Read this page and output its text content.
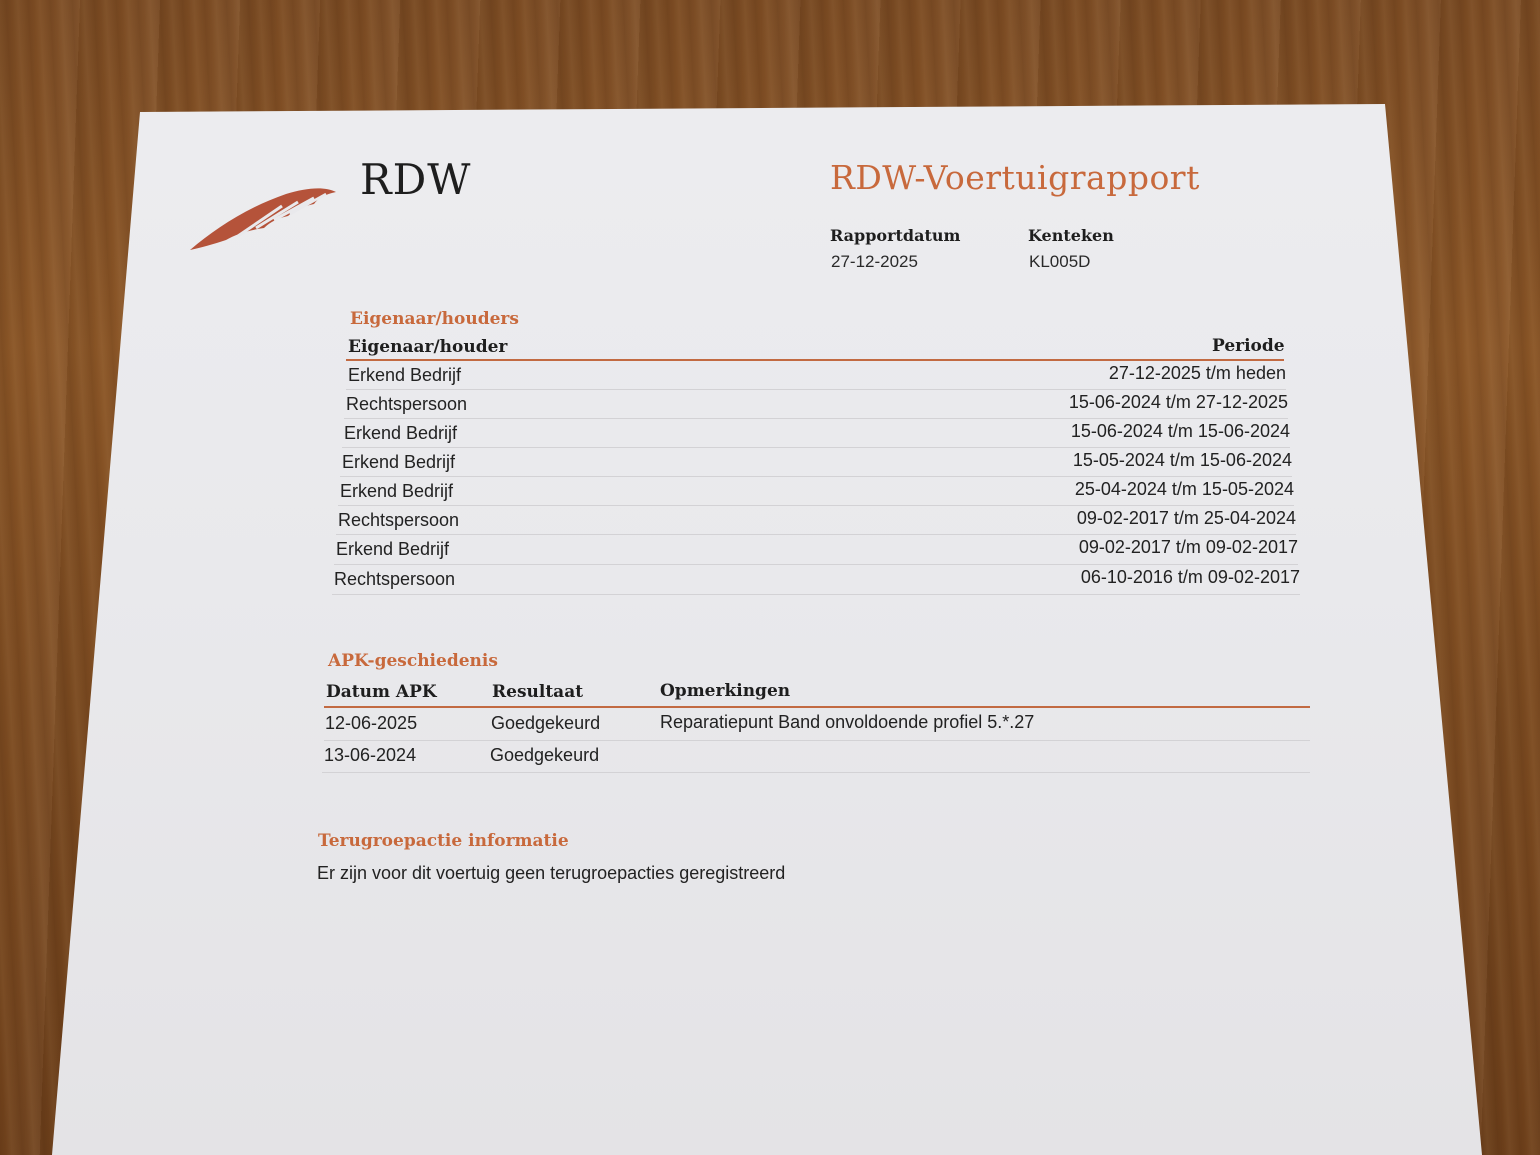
RDW	RDW-Voertuigrapport
Rapportdatum
27-12-2025
Kenteken
KL005D
Eigenaar/houders
Eigenaar/houder	Periode
Erkend Bedrijf	27-12-2025 t/m heden
Rechtspersoon	15-06-2024 t/m 27-12-2025
Erkend Bedrijf	15-06-2024 t/m 15-06-2024
Erkend Bedrijf	15-05-2024 t/m 15-06-2024
Erkend Bedrijf	25-04-2024 t/m 15-05-2024
Rechtspersoon	09-02-2017 t/m 25-04-2024
Erkend Bedrijf	09-02-2017 t/m 09-02-2017
Rechtspersoon	06-10-2016 t/m 09-02-2017
APK-geschiedenis
Datum APK	Resultaat	Opmerkingen
12-06-2025	Goedgekeurd	Reparatiepunt Band onvoldoende profiel 5.*.27
13-06-2024	Goedgekeurd
Terugroepactie informatie
Er zijn voor dit voertuig geen terugroepacties geregistreerd
